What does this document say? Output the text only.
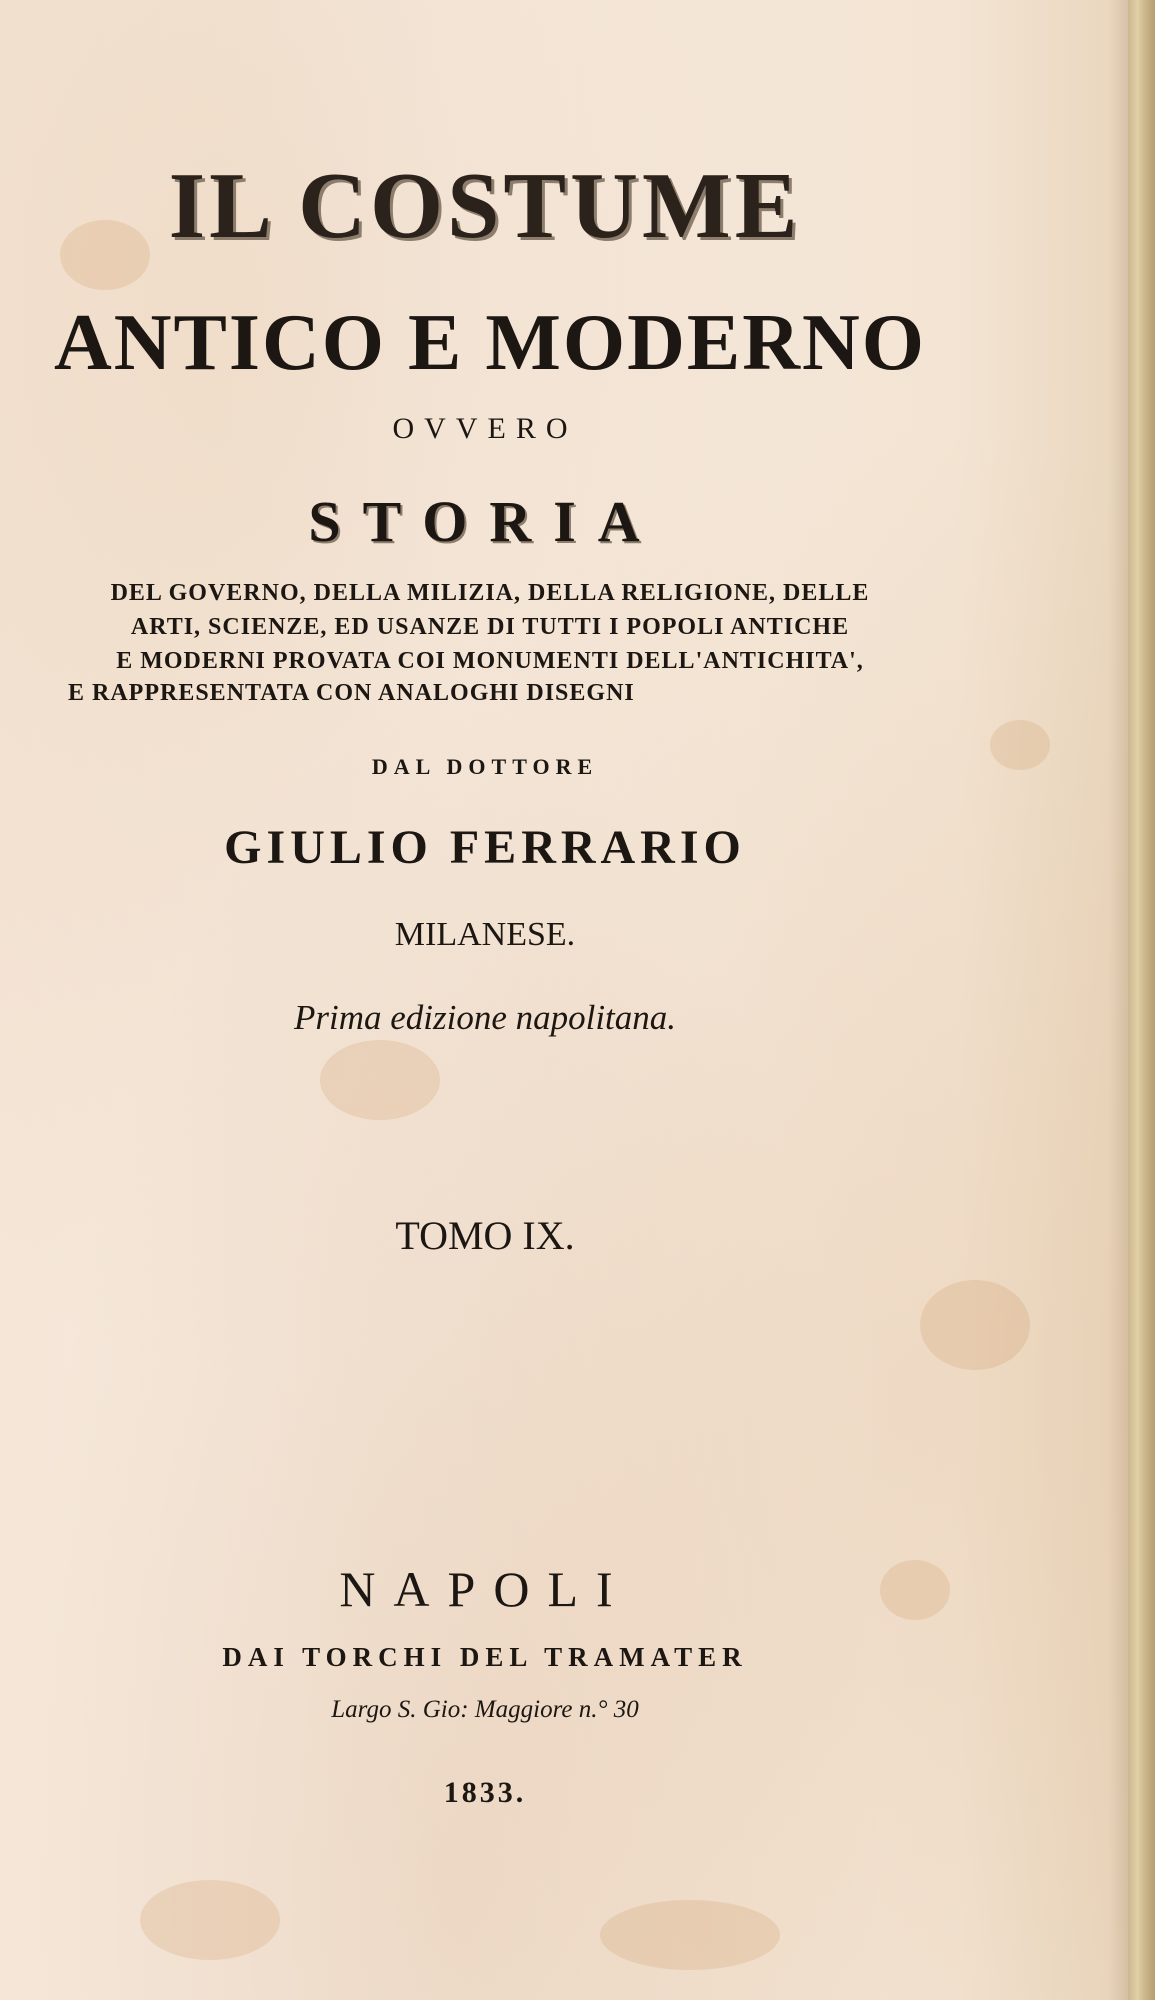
IL COSTUME
ANTICO E MODERNO
OVVERO
STORIA
DEL GOVERNO, DELLA MILIZIA, DELLA RELIGIONE, DELLE
ARTI, SCIENZE, ED USANZE DI TUTTI I POPOLI ANTICHE
E MODERNI PROVATA COI MONUMENTI DELL'ANTICHITA',
E RAPPRESENTATA CON ANALOGHI DISEGNI
DAL DOTTORE
GIULIO FERRARIO
MILANESE.
Prima edizione napolitana.
TOMO IX.
NAPOLI
DAI TORCHI DEL TRAMATER
Largo S. Gio: Maggiore n.° 30
1833.
